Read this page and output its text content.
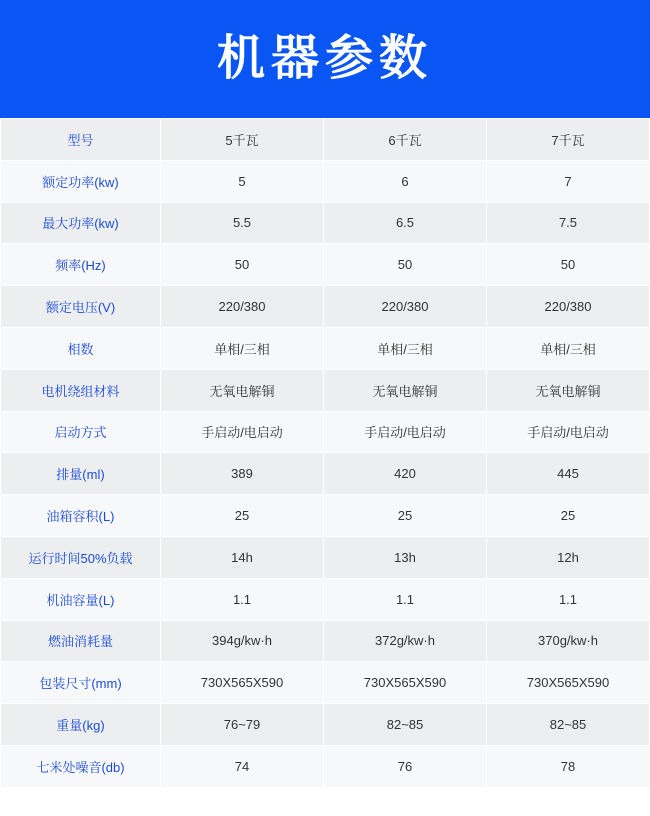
机器参数
型号	5千瓦	6千瓦	7千瓦
额定功率(kw)	5	6	7
最大功率(kw)	5.5	6.5	7.5
频率(Hz)	50	50	50
额定电压(V)	220/380	220/380	220/380
相数	单相/三相	单相/三相	单相/三相
电机绕组材料	无氧电解铜	无氧电解铜	无氧电解铜
启动方式	手启动/电启动	手启动/电启动	手启动/电启动
排量(ml)	389	420	445
油箱容积(L)	25	25	25
运行时间50%负载	14h	13h	12h
机油容量(L)	1.1	1.1	1.1
燃油消耗量	394g/kw·h	372g/kw·h	370g/kw·h
包装尺寸(mm)	730X565X590	730X565X590	730X565X590
重量(kg)	76~79	82~85	82~85
七米处噪音(db)	74	76	78
